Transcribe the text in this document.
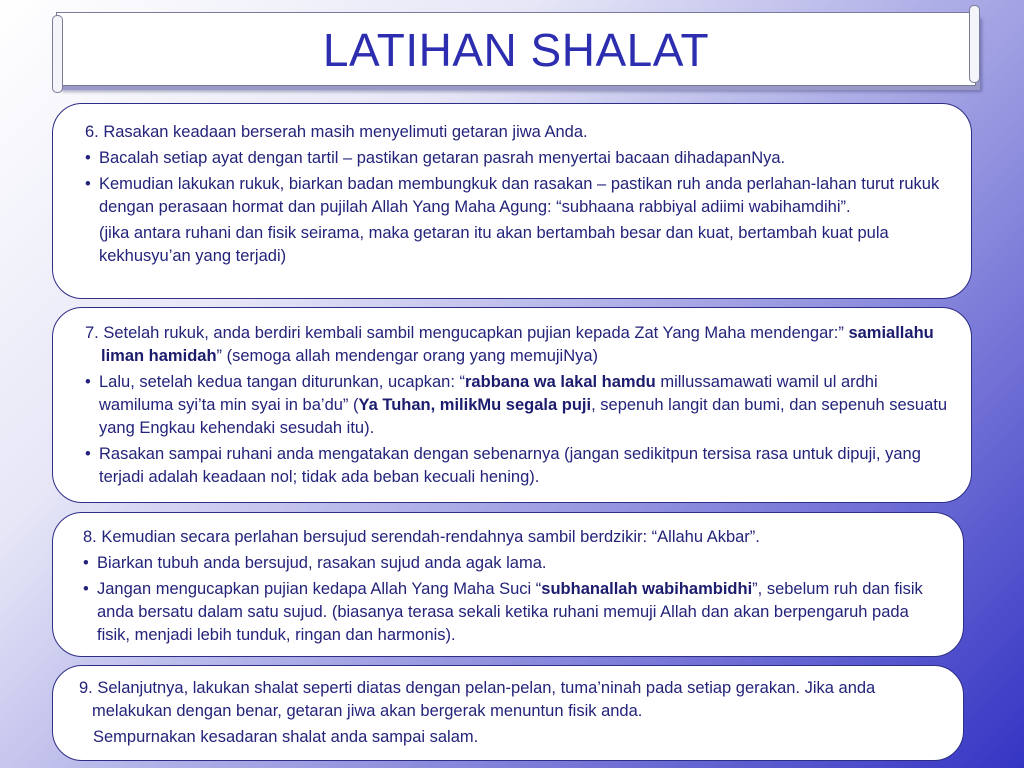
LATIHAN SHALAT

6. Rasakan keadaan berserah masih menyelimuti getaran jiwa Anda.

• Bacalah setiap ayat dengan tartil – pastikan getaran pasrah menyertai bacaan dihadapanNya.

• Kemudian lakukan rukuk, biarkan badan membungkuk dan rasakan – pastikan ruh anda perlahan-lahan turut rukuk dengan perasaan hormat dan pujilah Allah Yang Maha Agung: “subhaana rabbiyal adiimi wabihamdihi”.

(jika antara ruhani dan fisik seirama, maka getaran itu akan bertambah besar dan kuat, bertambah kuat pula kekhusyu’an yang terjadi)

7. Setelah rukuk, anda berdiri kembali sambil mengucapkan pujian kepada Zat Yang Maha mendengar:” samiallahu liman hamidah” (semoga allah mendengar orang yang memujiNya)

• Lalu, setelah kedua tangan diturunkan, ucapkan: “rabbana wa lakal hamdu millussamawati wamil ul ardhi wamiluma syi’ta min syai in ba’du” (Ya Tuhan, milikMu segala puji, sepenuh langit dan bumi, dan sepenuh sesuatu yang Engkau kehendaki sesudah itu).

• Rasakan sampai ruhani anda mengatakan dengan sebenarnya (jangan sedikitpun tersisa rasa untuk dipuji, yang terjadi adalah keadaan nol; tidak ada beban kecuali hening).

8. Kemudian secara perlahan bersujud serendah-rendahnya sambil berdzikir: “Allahu Akbar”.

• Biarkan tubuh anda bersujud, rasakan sujud anda agak lama.

• Jangan mengucapkan pujian kedapa Allah Yang Maha Suci “subhanallah wabihambidhi”, sebelum ruh dan fisik anda bersatu dalam satu sujud. (biasanya terasa sekali ketika ruhani memuji Allah dan akan berpengaruh pada fisik, menjadi lebih tunduk, ringan dan harmonis).

9. Selanjutnya, lakukan shalat seperti diatas dengan pelan-pelan, tuma’ninah pada setiap gerakan. Jika anda melakukan dengan benar, getaran jiwa akan bergerak menuntun fisik anda.

Sempurnakan kesadaran shalat anda sampai salam.
